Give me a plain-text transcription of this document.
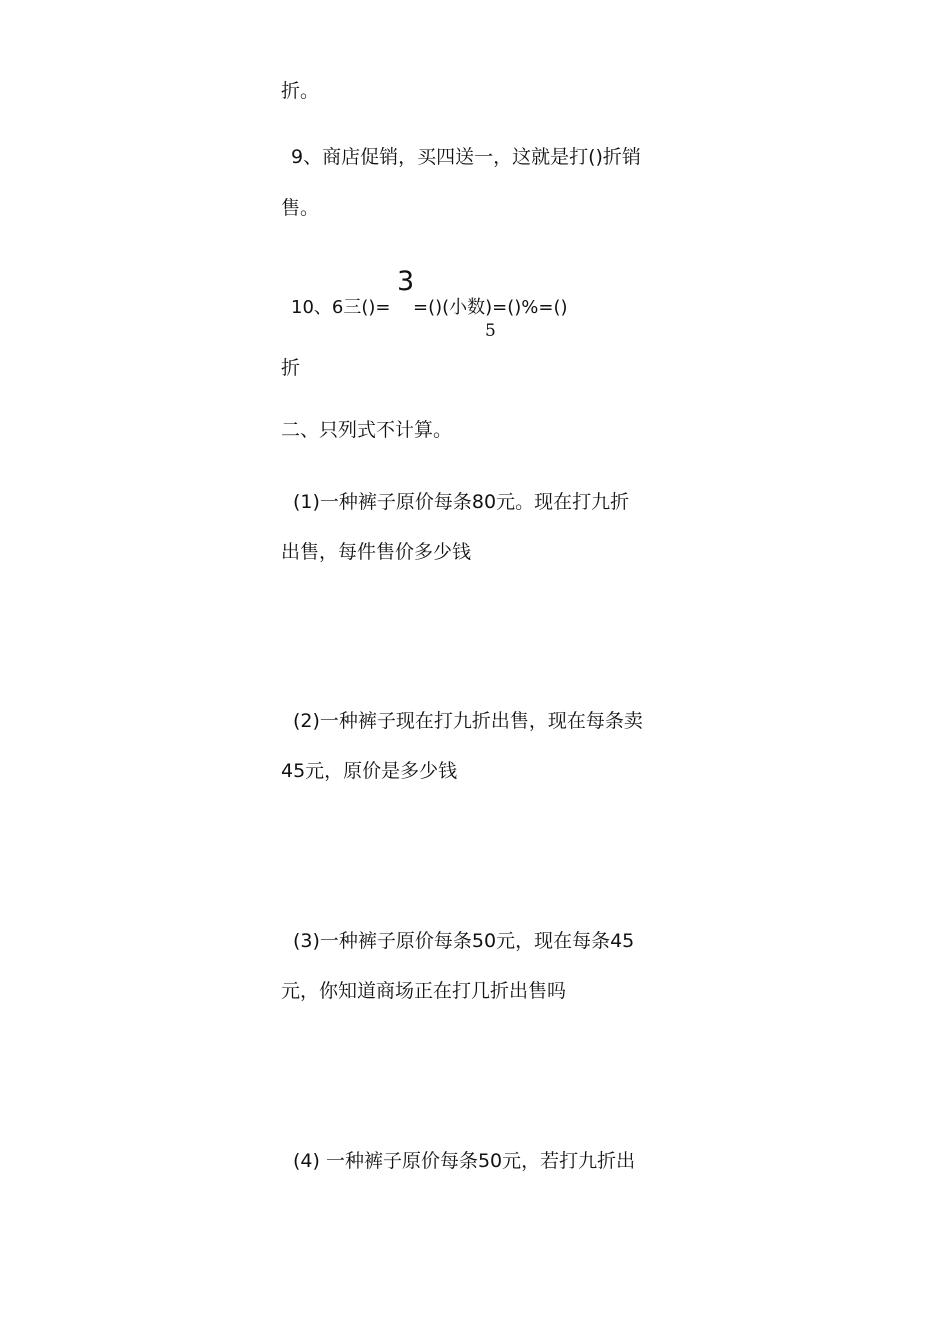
折。
9、商店促销，买四送一，这就是打()折销
售。
3
10、6三()= =()(小数)=()%=()
5
折
二、只列式不计算。
(1)一种裤子原价每条80元。现在打九折
出售，每件售价多少钱
(2)一种裤子现在打九折出售，现在每条卖
45元，原价是多少钱
(3)一种裤子原价每条50元，现在每条45
元，你知道商场正在打几折出售吗
(4) 一种裤子原价每条50元，若打九折出
